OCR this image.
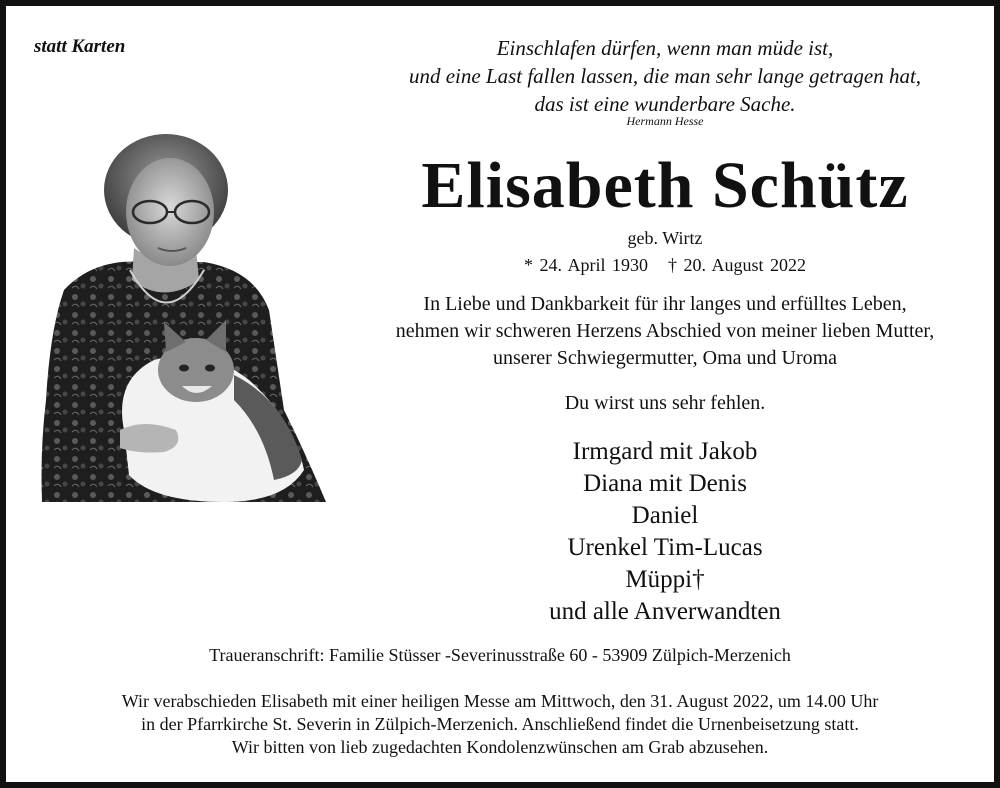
statt Karten	Einschlafen dürfen, wenn man müde ist,
und eine Last fallen lassen, die man sehr lange getragen hat,
das ist eine wunderbare Sache.
Hermann Hesse
Elisabeth Schütz
geb. Wirtz
* 24. April 1930 † 20. August 2022
In Liebe und Dankbarkeit für ihr langes und erfülltes Leben,
nehmen wir schweren Herzens Abschied von meiner lieben Mutter,
unserer Schwiegermutter, Oma und Uroma
Du wirst uns sehr fehlen.
Irmgard mit Jakob
Diana mit Denis
Daniel
Urenkel Tim-Lucas
Müppi†
und alle Anverwandten
Traueranschrift: Familie Stüsser -Severinusstraße 60 - 53909 Zülpich-Merzenich
Wir verabschieden Elisabeth mit einer heiligen Messe am Mittwoch, den 31. August 2022, um 14.00 Uhr
in der Pfarrkirche St. Severin in Zülpich-Merzenich. Anschließend findet die Urnenbeisetzung statt.
Wir bitten von lieb zugedachten Kondolenzwünschen am Grab abzusehen.
